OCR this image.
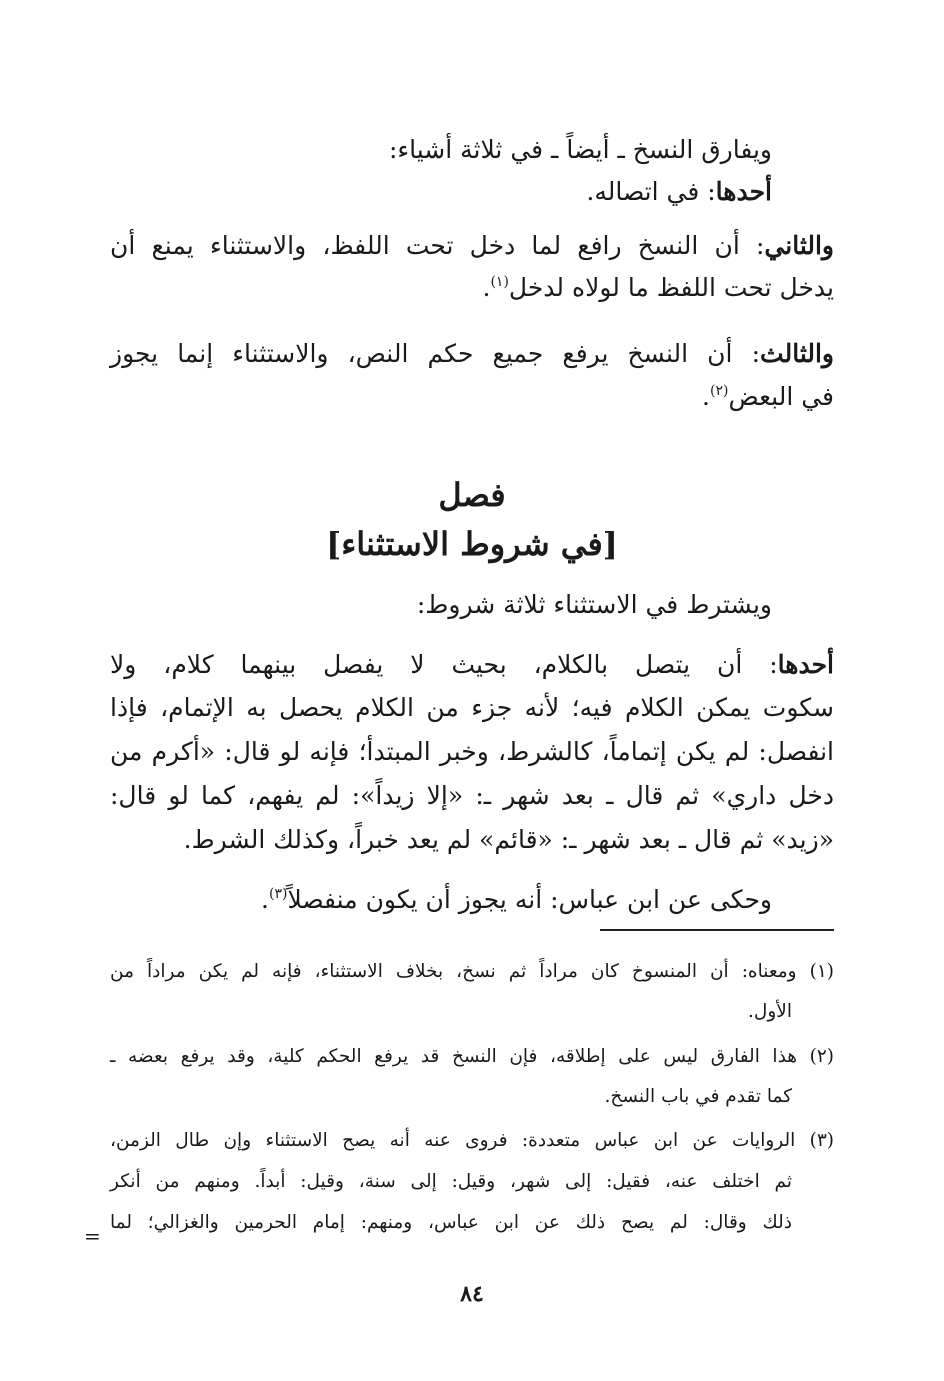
ويفارق النسخ ـ أيضاً ـ في ثلاثة أشياء:
أحدها: في اتصاله.
والثاني: أن النسخ رافع لما دخل تحت اللفظ، والاستثناء يمنع أن
يدخل تحت اللفظ ما لولاه لدخل$^{(١)}$.
والثالث: أن النسخ يرفع جميع حكم النص، والاستثناء إنما يجوز
في البعض$^{(٢)}$.
فصل
[في شروط الاستثناء]
ويشترط في الاستثناء ثلاثة شروط:
أحدها: أن يتصل بالكلام، بحيث لا يفصل بينهما كلام، ولا
سكوت يمكن الكلام فيه؛ لأنه جزء من الكلام يحصل به الإتمام، فإذا
انفصل: لم يكن إتماماً، كالشرط، وخبر المبتدأ؛ فإنه لو قال: «أكرم من
دخل داري» ثم قال ـ بعد شهر ـ: «إلا زيداً»: لم يفهم، كما لو قال:
«زيد» ثم قال ـ بعد شهر ـ: «قائم» لم يعد خبراً، وكذلك الشرط.
وحكى عن ابن عباس: أنه يجوز أن يكون منفصلاً$^{(٣)}$.
(١) ومعناه: أن المنسوخ كان مراداً ثم نسخ، بخلاف الاستثناء، فإنه لم يكن مراداً من
الأول.
(٢) هذا الفارق ليس على إطلاقه، فإن النسخ قد يرفع الحكم كلية، وقد يرفع بعضه ـ
كما تقدم في باب النسخ.
(٣) الروايات عن ابن عباس متعددة: فروى عنه أنه يصح الاستثناء وإن طال الزمن،
ثم اختلف عنه، فقيل: إلى شهر، وقيل: إلى سنة، وقيل: أبداً. ومنهم من أنكر
ذلك وقال: لم يصح ذلك عن ابن عباس، ومنهم: إمام الحرمين والغزالي؛ لما
=
٨٤
